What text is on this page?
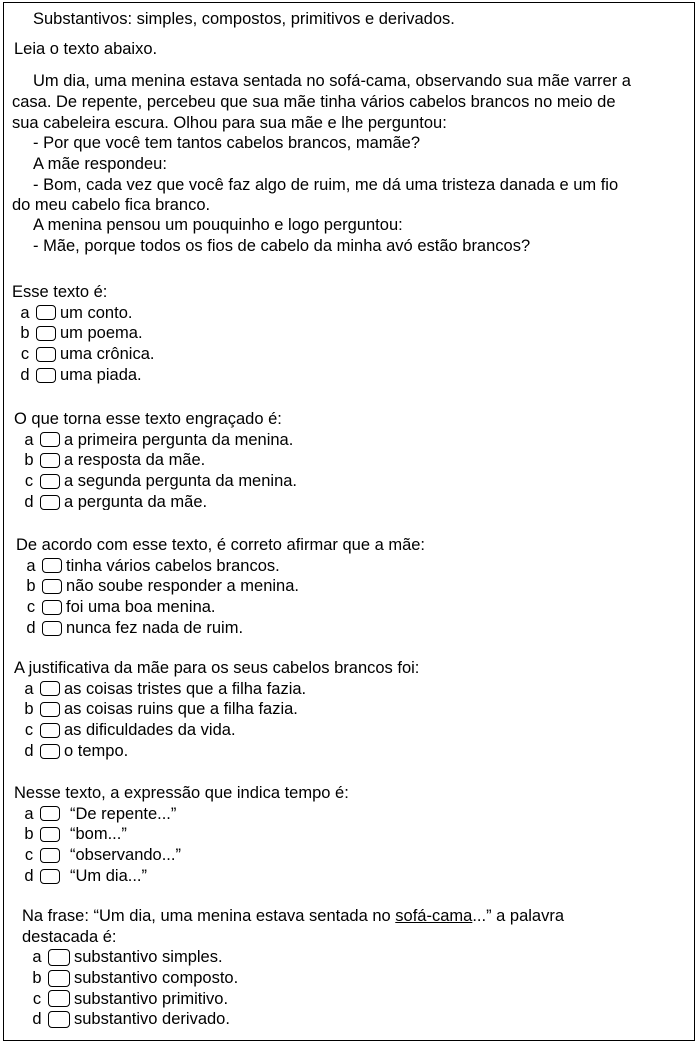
Substantivos: simples, compostos, primitivos e derivados.
Leia o texto abaixo.
Um dia, uma menina estava sentada no sofá-cama, observando sua mãe varrer a
casa. De repente, percebeu que sua mãe tinha vários cabelos brancos no meio de
sua cabeleira escura. Olhou para sua mãe e lhe perguntou:
- Por que você tem tantos cabelos brancos, mamãe?
A mãe respondeu:
- Bom, cada vez que você faz algo de ruim, me dá uma tristeza danada e um fio
do meu cabelo fica branco.
A menina pensou um pouquinho e logo perguntou:
- Mãe, porque todos os fios de cabelo da minha avó estão brancos?
Esse texto é:
a um conto.
b um poema.
c uma crônica.
d uma piada.
O que torna esse texto engraçado é:
a a primeira pergunta da menina.
b a resposta da mãe.
c a segunda pergunta da menina.
d a pergunta da mãe.
De acordo com esse texto, é correto afirmar que a mãe:
a tinha vários cabelos brancos.
b não soube responder a menina.
c foi uma boa menina.
d nunca fez nada de ruim.
A justificativa da mãe para os seus cabelos brancos foi:
a as coisas tristes que a filha fazia.
b as coisas ruins que a filha fazia.
c as dificuldades da vida.
d o tempo.
Nesse texto, a expressão que indica tempo é:
a “De repente...”
b “bom...”
c “observando...”
d “Um dia...”
Na frase: “Um dia, uma menina estava sentada no sofá-cama...” a palavra
destacada é:
a substantivo simples.
b substantivo composto.
c substantivo primitivo.
d substantivo derivado.
